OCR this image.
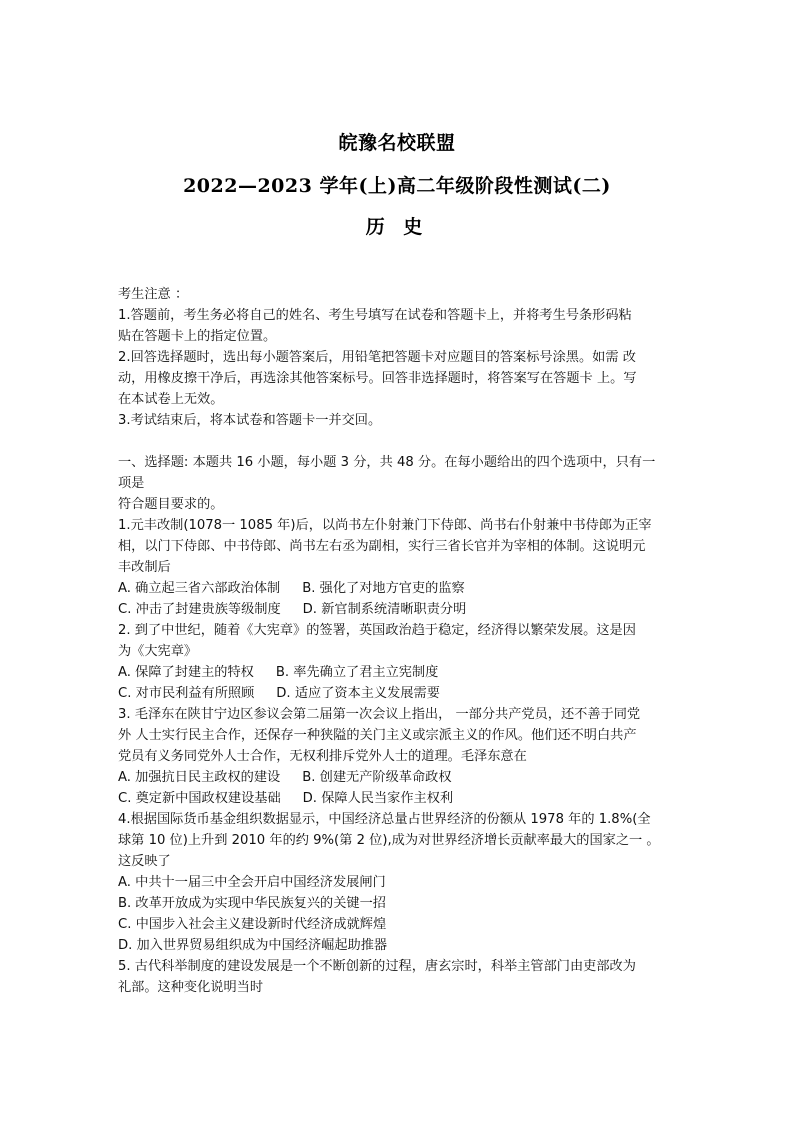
皖豫名校联盟
2022—2023 学年(上)高二年级阶段性测试(二)
历 史
考生注意 ：
1.答题前，考生务必将自己的姓名、考生号填写在试卷和答题卡上，并将考生号条形码粘
贴在答题卡上的指定位置。
2.回答选择题时，选出每小题答案后，用铅笔把答题卡对应题目的答案标号涂黑。如需 改
动，用橡皮擦干净后，再选涂其他答案标号。回答非选择题时，将答案写在答题卡 上。写
在本试卷上无效。
3.考试结束后，将本试卷和答题卡一并交回。
一、选择题: 本题共 16 小题，每小题 3 分，共 48 分。在每小题给出的四个选项中，只有一
项是
符合题目要求的。
1.元丰改制(1078一 1085 年)后，以尚书左仆射兼门下侍郎、尚书右仆射兼中书侍郎为正宰
相，以门下侍郎、中书侍郎、尚书左右丞为副相，实行三省长官并为宰相的体制。这说明元
丰改制后
A. 确立起三省六部政治体制 B. 强化了对地方官吏的监察
C. 冲击了封建贵族等级制度 D. 新官制系统清晰职责分明
2. 到了中世纪，随着《大宪章》的签署，英国政治趋于稳定，经济得以繁荣发展。这是因
为《大宪章》
A. 保障了封建主的特权 B. 率先确立了君主立宪制度
C. 对市民利益有所照顾 D. 适应了资本主义发展需要
3. 毛泽东在陕甘宁边区参议会第二届第一次会议上指出， 一部分共产党员，还不善于同党
外 人士实行民主合作，还保存一种狭隘的关门主义或宗派主义的作风。他们还不明白共产
党员有义务同党外人士合作，无权利排斥党外人士的道理。毛泽东意在
A. 加强抗日民主政权的建设 B. 创建无产阶级革命政权
C. 奠定新中国政权建设基础 D. 保障人民当家作主权利
4.根据国际货币基金组织数据显示，中国经济总量占世界经济的份额从 1978 年的 1.8%(全
球第 10 位)上升到 2010 年的约 9%(第 2 位),成为对世界经济增长贡献率最大的国家之一 。
这反映了
A. 中共十一届三中全会开启中国经济发展闸门
B. 改革开放成为实现中华民族复兴的关键一招
C. 中国步入社会主义建设新时代经济成就辉煌
D. 加入世界贸易组织成为中国经济崛起助推器
5. 古代科举制度的建设发展是一个不断创新的过程，唐玄宗时，科举主管部门由吏部改为
礼部。这种变化说明当时
